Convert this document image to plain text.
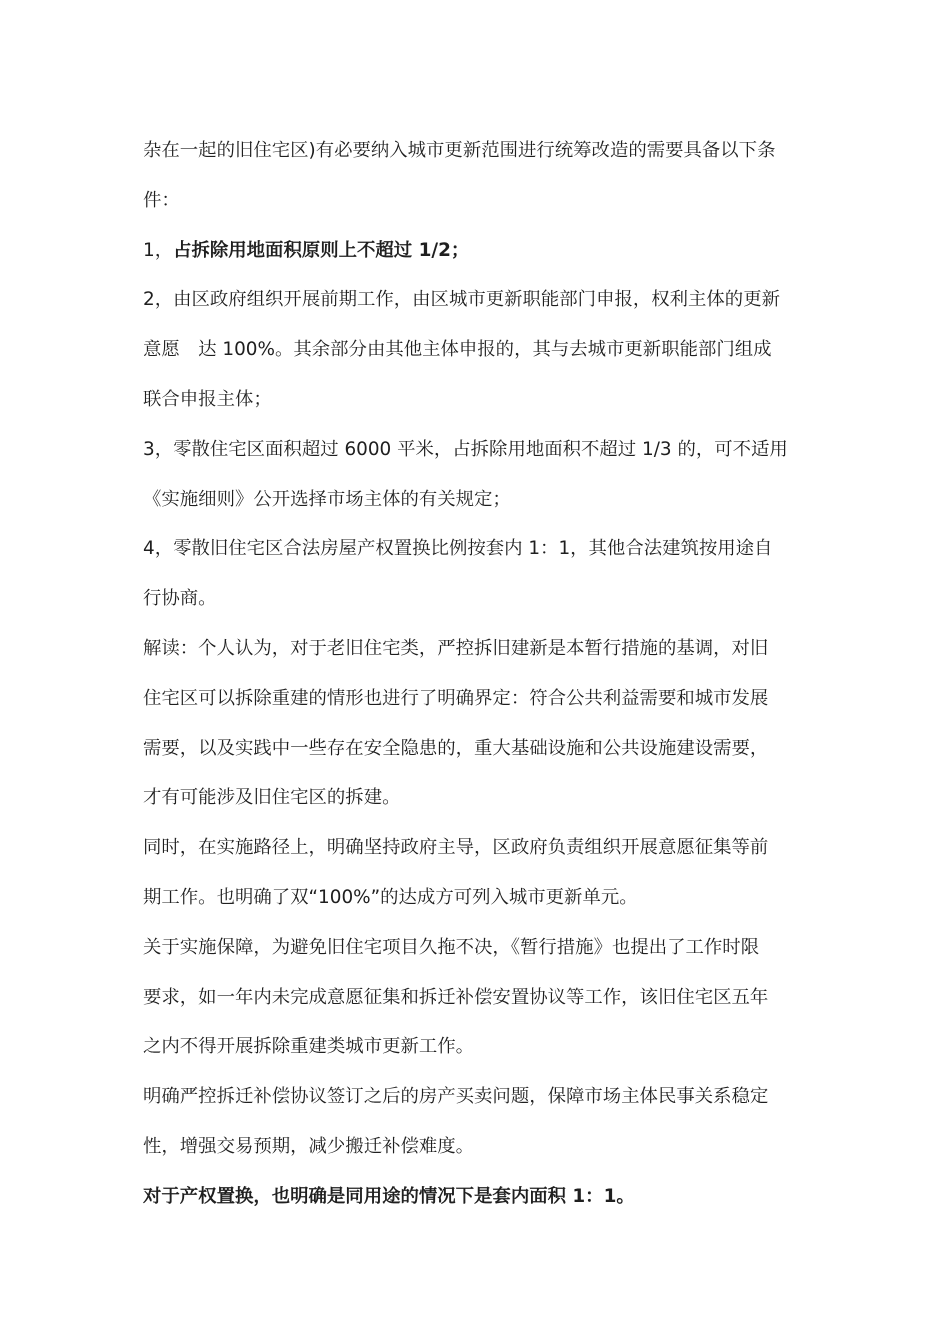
杂在一起的旧住宅区)有必要纳入城市更新范围进行统筹改造的需要具备以下条
件：

1，占拆除用地面积原则上不超过 1/2；

2，由区政府组织开展前期工作，由区城市更新职能部门申报，权利主体的更新
意愿　达 100%。其余部分由其他主体申报的，其与去城市更新职能部门组成
联合申报主体；

3，零散住宅区面积超过 6000 平米，占拆除用地面积不超过 1/3 的，可不适用
《实施细则》公开选择市场主体的有关规定；

4，零散旧住宅区合法房屋产权置换比例按套内 1：1，其他合法建筑按用途自
行协商。

解读：个人认为，对于老旧住宅类，严控拆旧建新是本暂行措施的基调，对旧
住宅区可以拆除重建的情形也进行了明确界定：符合公共利益需要和城市发展
需要，以及实践中一些存在安全隐患的，重大基础设施和公共设施建设需要，
才有可能涉及旧住宅区的拆建。

同时，在实施路径上，明确坚持政府主导，区政府负责组织开展意愿征集等前
期工作。也明确了双“100%”的达成方可列入城市更新单元。

关于实施保障，为避免旧住宅项目久拖不决，《暂行措施》也提出了工作时限
要求，如一年内未完成意愿征集和拆迁补偿安置协议等工作，该旧住宅区五年
之内不得开展拆除重建类城市更新工作。

明确严控拆迁补偿协议签订之后的房产买卖问题，保障市场主体民事关系稳定
性，增强交易预期，减少搬迁补偿难度。

对于产权置换，也明确是同用途的情况下是套内面积 1：1。
